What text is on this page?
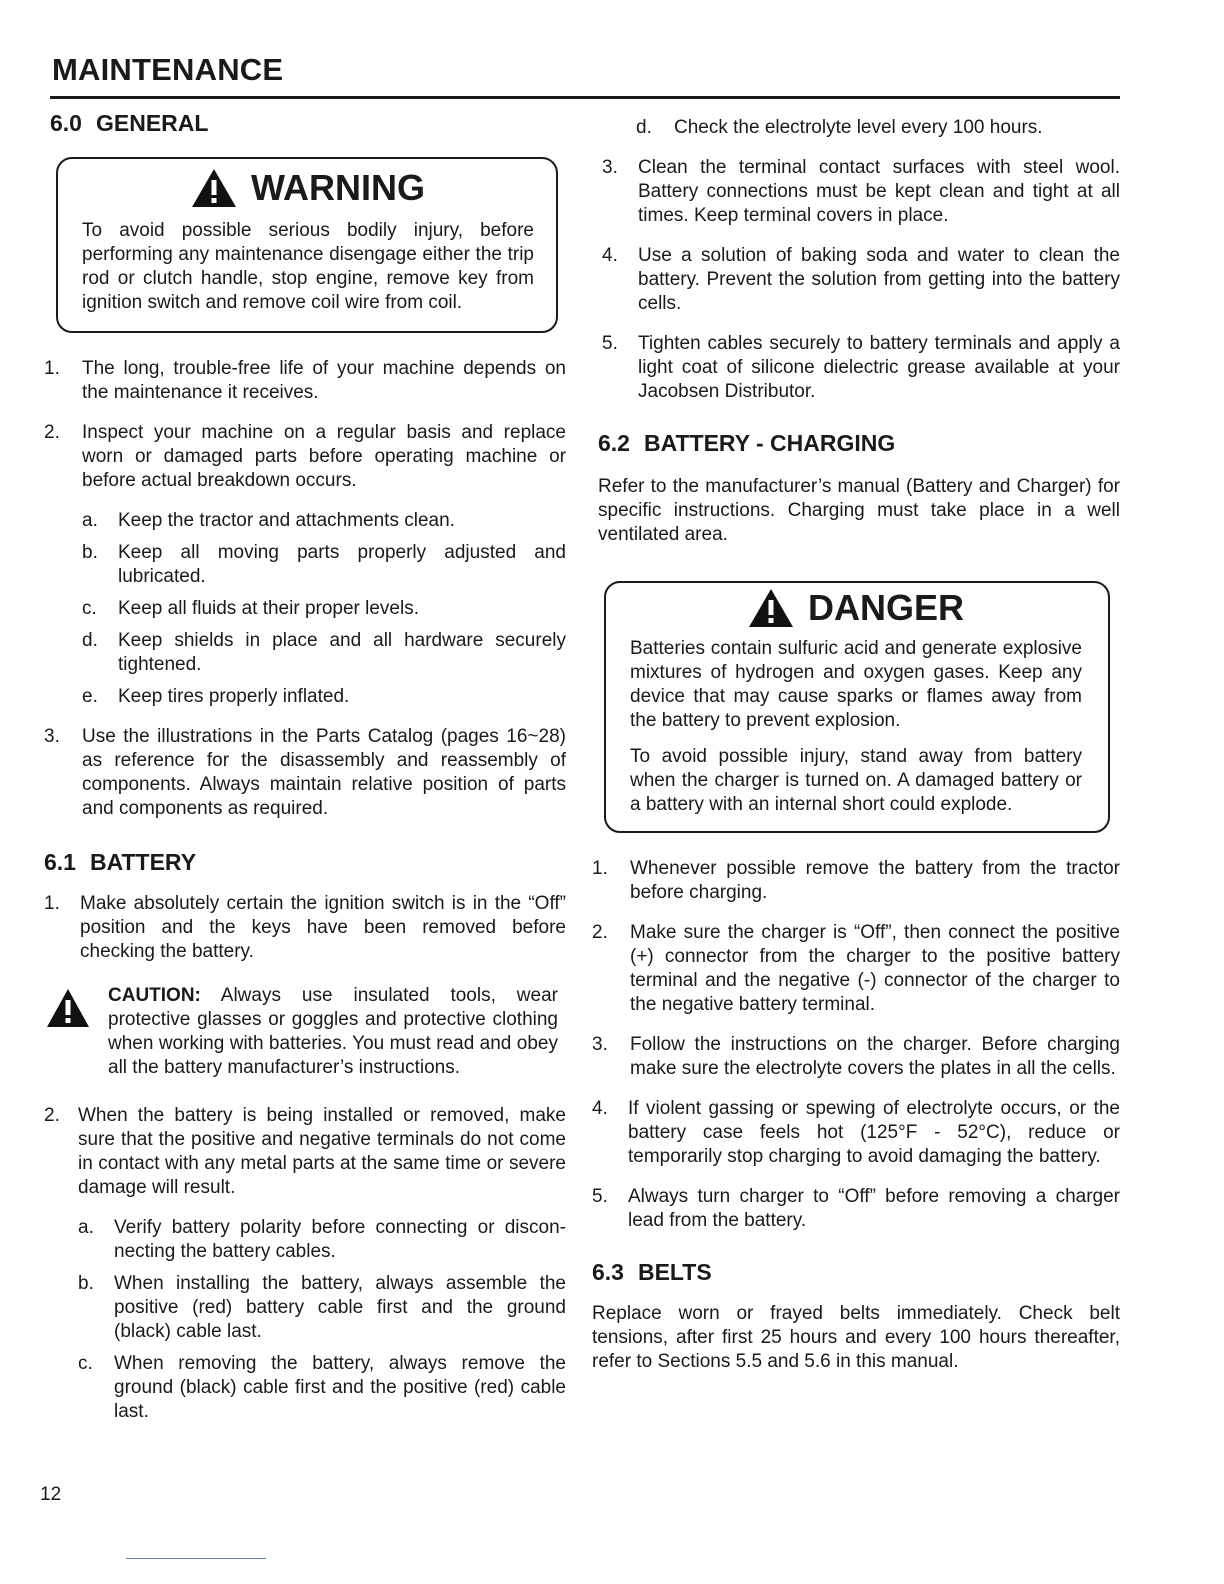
MAINTENANCE
6.0 GENERAL
WARNING

To avoid possible serious bodily injury, before performing any maintenance disengage either the trip rod or clutch handle, stop engine, remove key from ignition switch and remove coil wire from coil.

1. The long, trouble-free life of your machine depends on the maintenance it receives.
2. Inspect your machine on a regular basis and replace worn or damaged parts before operating machine or before actual breakdown occurs.
a. Keep the tractor and attachments clean.
b. Keep all moving parts properly adjusted and lubricated.
c. Keep all fluids at their proper levels.
d. Keep shields in place and all hardware securely tightened.
e. Keep tires properly inflated.
3. Use the illustrations in the Parts Catalog (pages 16~28) as reference for the disassembly and reassembly of components. Always maintain relative position of parts and components as required.
6.1 BATTERY
1. Make absolutely certain the ignition switch is in the “Off” position and the keys have been removed before checking the battery.

CAUTION: Always use insulated tools, wear protective glasses or goggles and protective clothing when working with batteries. You must read and obey all the battery manufacturer’s instructions.

2. When the battery is being installed or removed, make sure that the positive and negative terminals do not come in contact with any metal parts at the same time or severe damage will result.
a. Verify battery polarity before connecting or discon-necting the battery cables.
b. When installing the battery, always assemble the positive (red) battery cable first and the ground (black) cable last.
c. When removing the battery, always remove the ground (black) cable first and the positive (red) cable last.
d. Check the electrolyte level every 100 hours.
3. Clean the terminal contact surfaces with steel wool. Battery connections must be kept clean and tight at all times. Keep terminal covers in place.
4. Use a solution of baking soda and water to clean the battery. Prevent the solution from getting into the battery cells.
5. Tighten cables securely to battery terminals and apply a light coat of silicone dielectric grease available at your Jacobsen Distributor.
6.2 BATTERY - CHARGING

Refer to the manufacturer’s manual (Battery and Charger) for specific instructions. Charging must take place in a well ventilated area.

DANGER

Batteries contain sulfuric acid and generate explosive mixtures of hydrogen and oxygen gases. Keep any device that may cause sparks or flames away from the battery to prevent explosion.

To avoid possible injury, stand away from battery when the charger is turned on. A damaged battery or a battery with an internal short could explode.

1. Whenever possible remove the battery from the tractor before charging.
2. Make sure the charger is “Off”, then connect the positive (+) connector from the charger to the positive battery terminal and the negative (-) connector of the charger to the negative battery terminal.
3. Follow the instructions on the charger. Before charging make sure the electrolyte covers the plates in all the cells.
4. If violent gassing or spewing of electrolyte occurs, or the battery case feels hot (125°F - 52°C), reduce or temporarily stop charging to avoid damaging the battery.
5. Always turn charger to “Off” before removing a charger lead from the battery.
6.3 BELTS

Replace worn or frayed belts immediately. Check belt tensions, after first 25 hours and every 100 hours thereafter, refer to Sections 5.5 and 5.6 in this manual.

12
